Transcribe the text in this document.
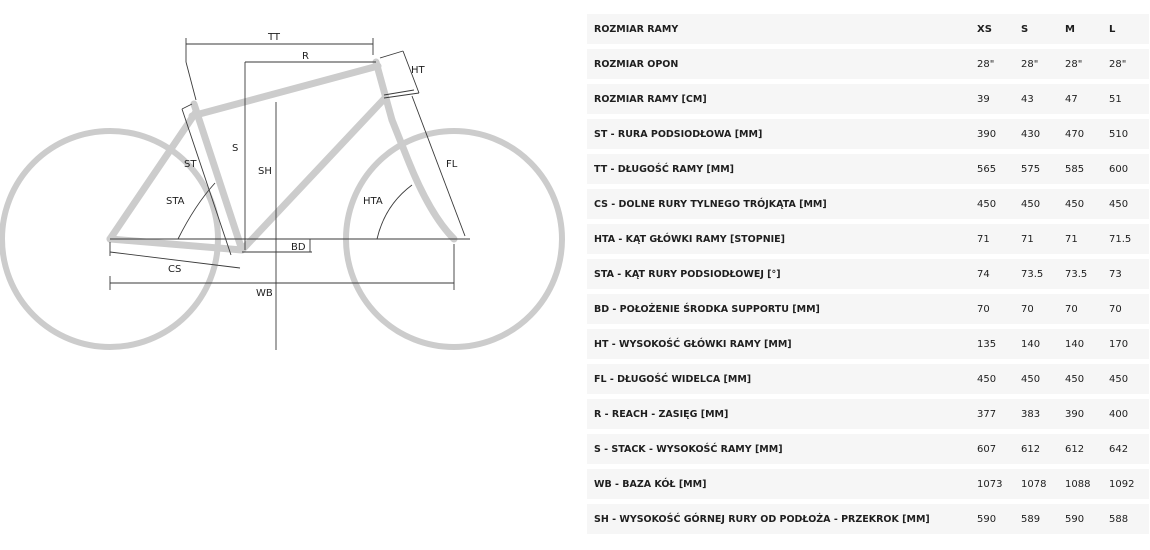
TT
R
HT
S
SH
ST
STA
FL
HTA
BD
CS
WB
ROZMIAR RAMY	XS	S	M	L
ROZMIAR OPON	28"	28"	28"	28"
ROZMIAR RAMY [CM]	39	43	47	51
ST - RURA PODSIODŁOWA [MM]	390	430	470	510
TT - DŁUGOŚĆ RAMY [MM]	565	575	585	600
CS - DOLNE RURY TYLNEGO TRÓJKĄTA [MM]	450	450	450	450
HTA - KĄT GŁÓWKI RAMY [STOPNIE]	71	71	71	71.5
STA - KĄT RURY PODSIODŁOWEJ [°]	74	73.5	73.5	73
BD - POŁOŻENIE ŚRODKA SUPPORTU [MM]	70	70	70	70
HT - WYSOKOŚĆ GŁÓWKI RAMY [MM]	135	140	140	170
FL - DŁUGOŚĆ WIDELCA [MM]	450	450	450	450
R - REACH - ZASIĘG [MM]	377	383	390	400
S - STACK - WYSOKOŚĆ RAMY [MM]	607	612	612	642
WB - BAZA KÓŁ [MM]	1073	1078	1088	1092
SH - WYSOKOŚĆ GÓRNEJ RURY OD PODŁOŻA - PRZEKROK [MM]	590	589	590	588
